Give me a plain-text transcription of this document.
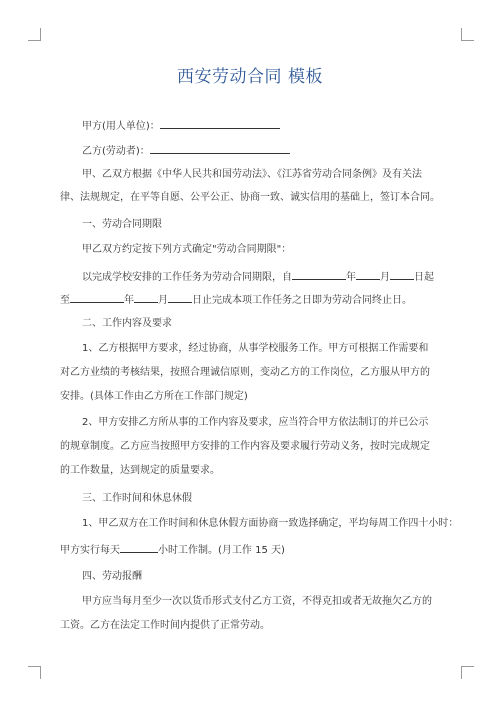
西安劳动合同 模板
甲方(用人单位)：
乙方(劳动者)：
甲、乙双方根据《中华人民共和国劳动法》、《江苏省劳动合同条例》及有关法
律、法规规定，在平等自愿、公平公正、协商一致、诚实信用的基础上，签订本合同。
一、劳动合同期限
甲乙双方约定按下列方式确定"劳动合同期限"：
以完成学校安排的工作任务为劳动合同期限，自	年 月 日起
至	年 月 日止完成本项工作任务之日即为劳动合同终止日。
二、工作内容及要求
1、乙方根据甲方要求，经过协商，从事学校服务工作。甲方可根据工作需要和
对乙方业绩的考核结果，按照合理诚信原则，变动乙方的工作岗位，乙方服从甲方的
安排。(具体工作由乙方所在工作部门规定)
2、甲方安排乙方所从事的工作内容及要求，应当符合甲方依法制订的并已公示
的规章制度。乙方应当按照甲方安排的工作内容及要求履行劳动义务，按时完成规定
的工作数量，达到规定的质量要求。
三、工作时间和休息休假
1、甲乙双方在工作时间和休息休假方面协商一致选择确定，平均每周工作四十小时：
甲方实行每天	小时工作制。(月工作 15 天)
四、劳动报酬
甲方应当每月至少一次以货币形式支付乙方工资，不得克扣或者无故拖欠乙方的
工资。乙方在法定工作时间内提供了正常劳动。
